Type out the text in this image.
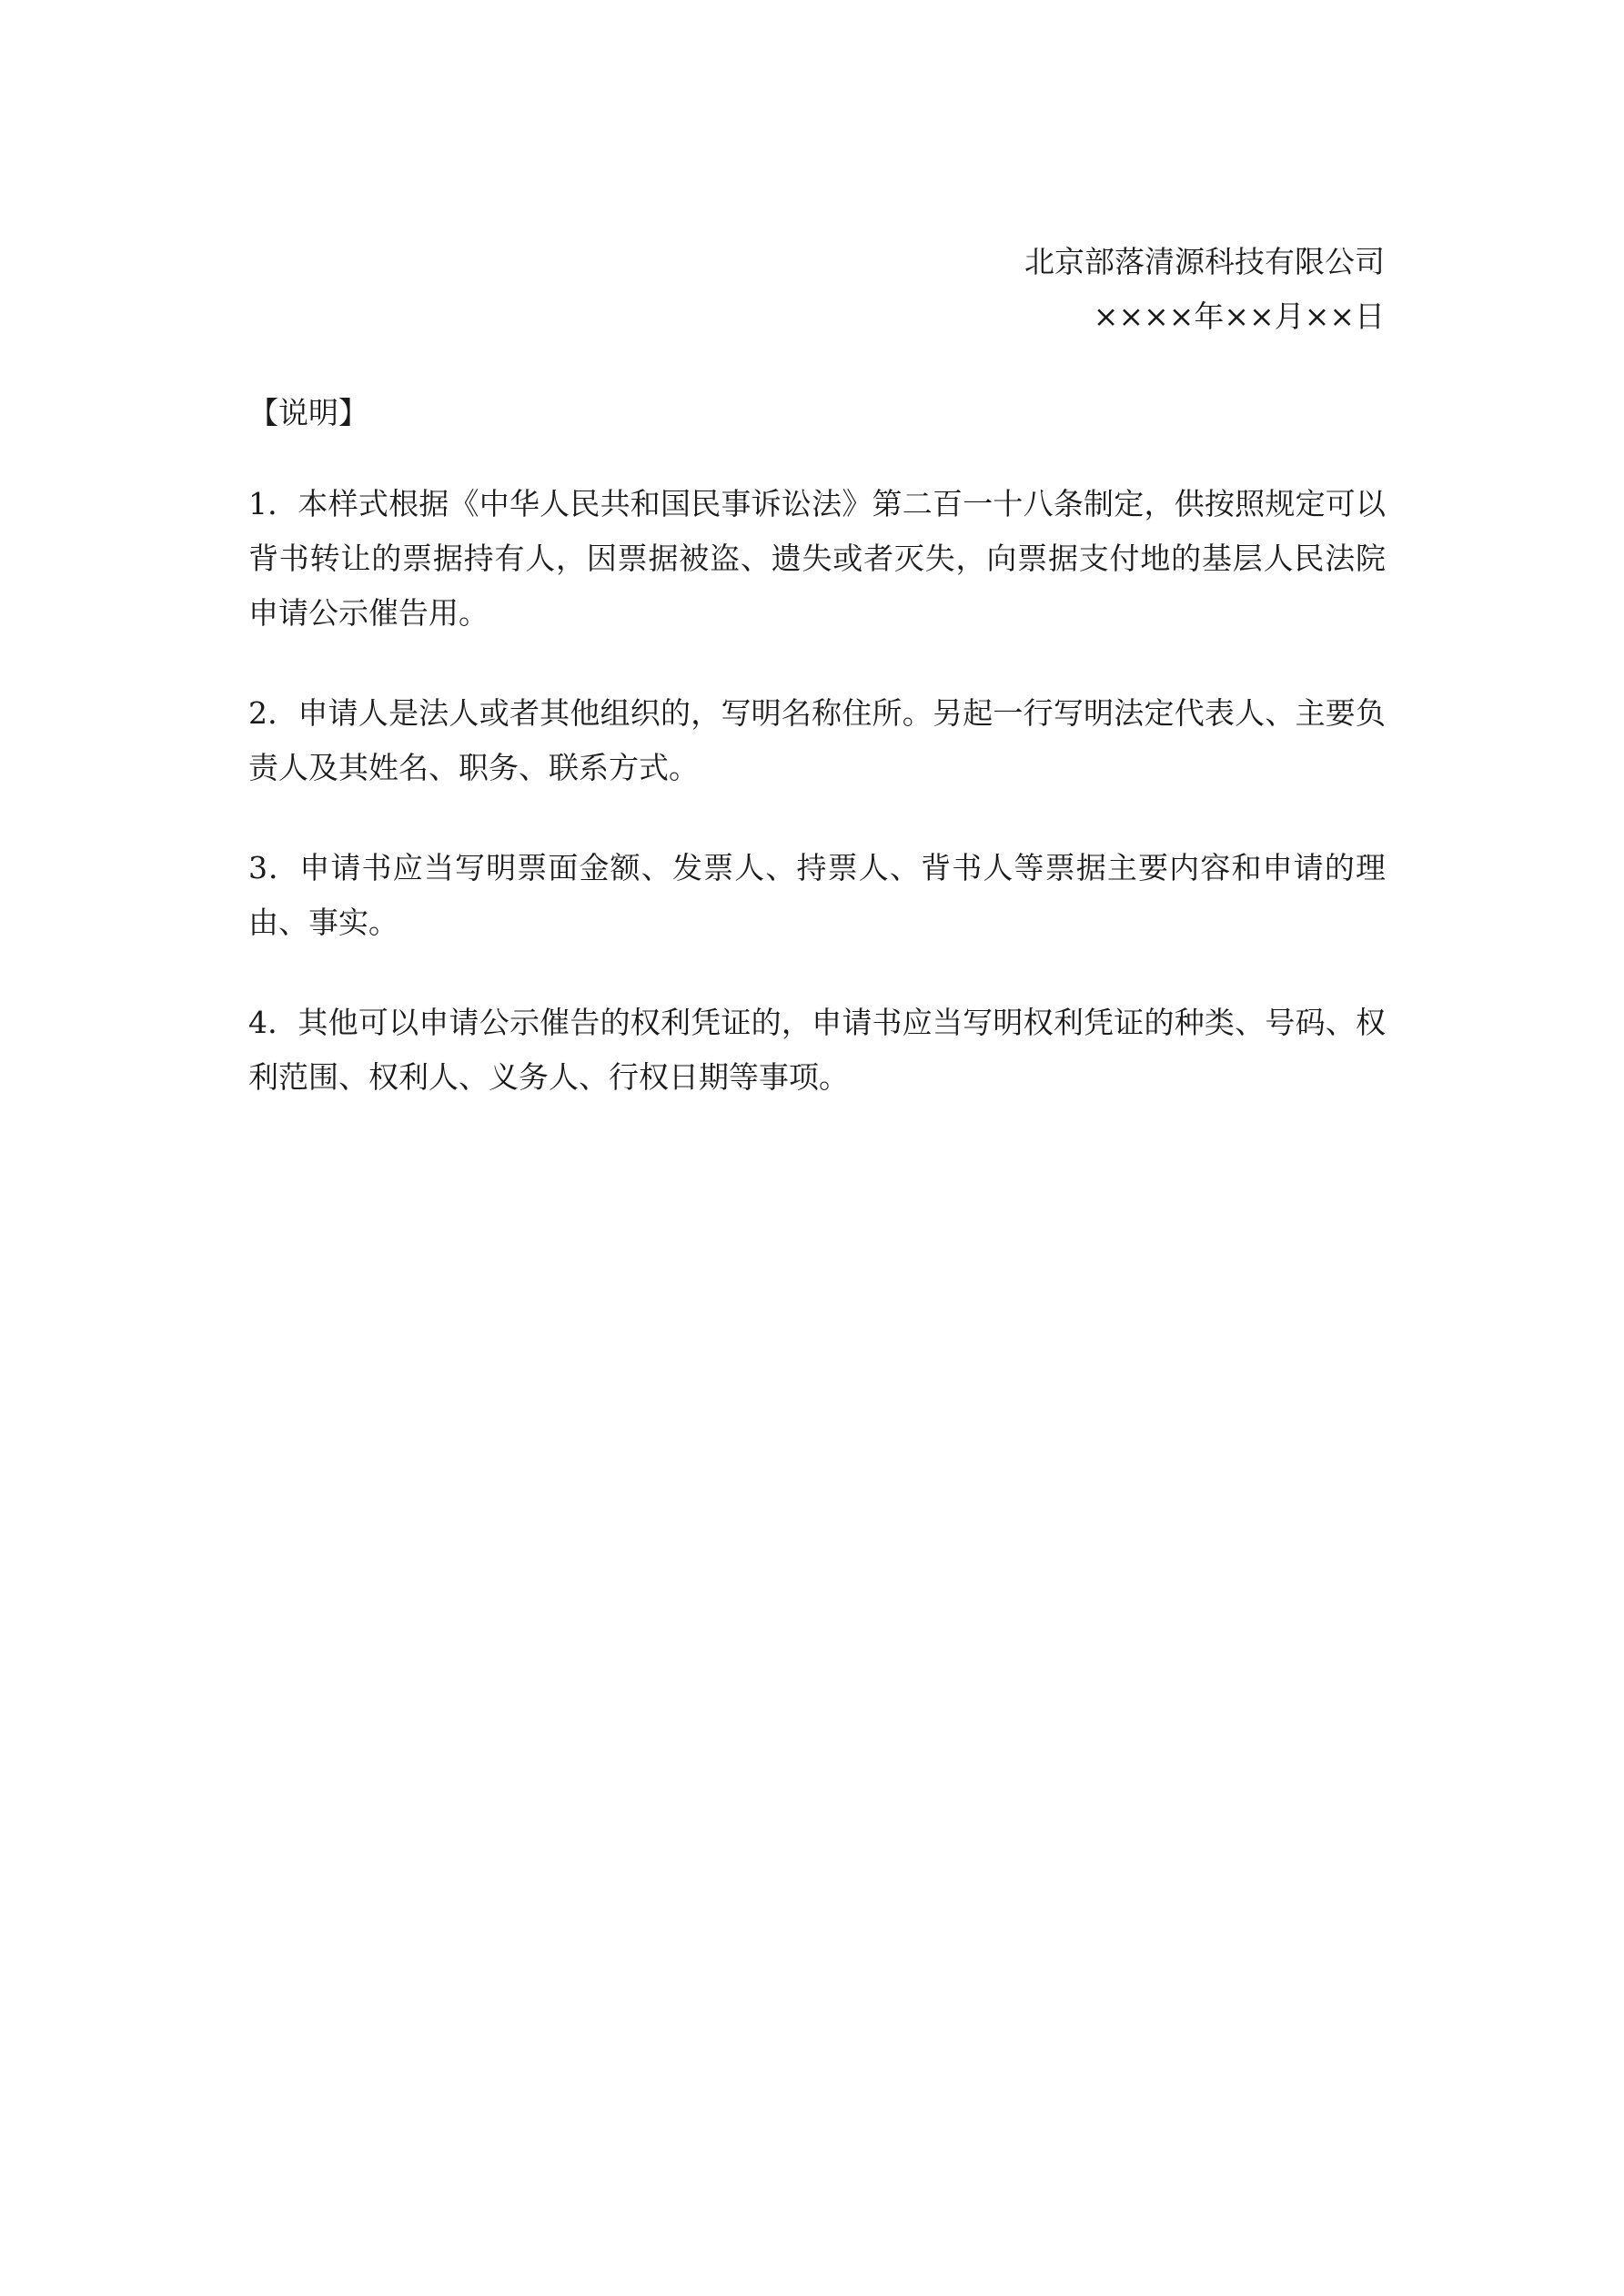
北京部落清源科技有限公司
××××年××月××日
【说明】

1．本样式根据《中华人民共和国民事诉讼法》第二百一十八条制定，供按照规定可以背书转让的票据持有人，因票据被盗、遗失或者灭失，向票据支付地的基层人民法院申请公示催告用。

2．申请人是法人或者其他组织的，写明名称住所。另起一行写明法定代表人、主要负责人及其姓名、职务、联系方式。

3．申请书应当写明票面金额、发票人、持票人、背书人等票据主要内容和申请的理由、事实。

4．其他可以申请公示催告的权利凭证的，申请书应当写明权利凭证的种类、号码、权利范围、权利人、义务人、行权日期等事项。
